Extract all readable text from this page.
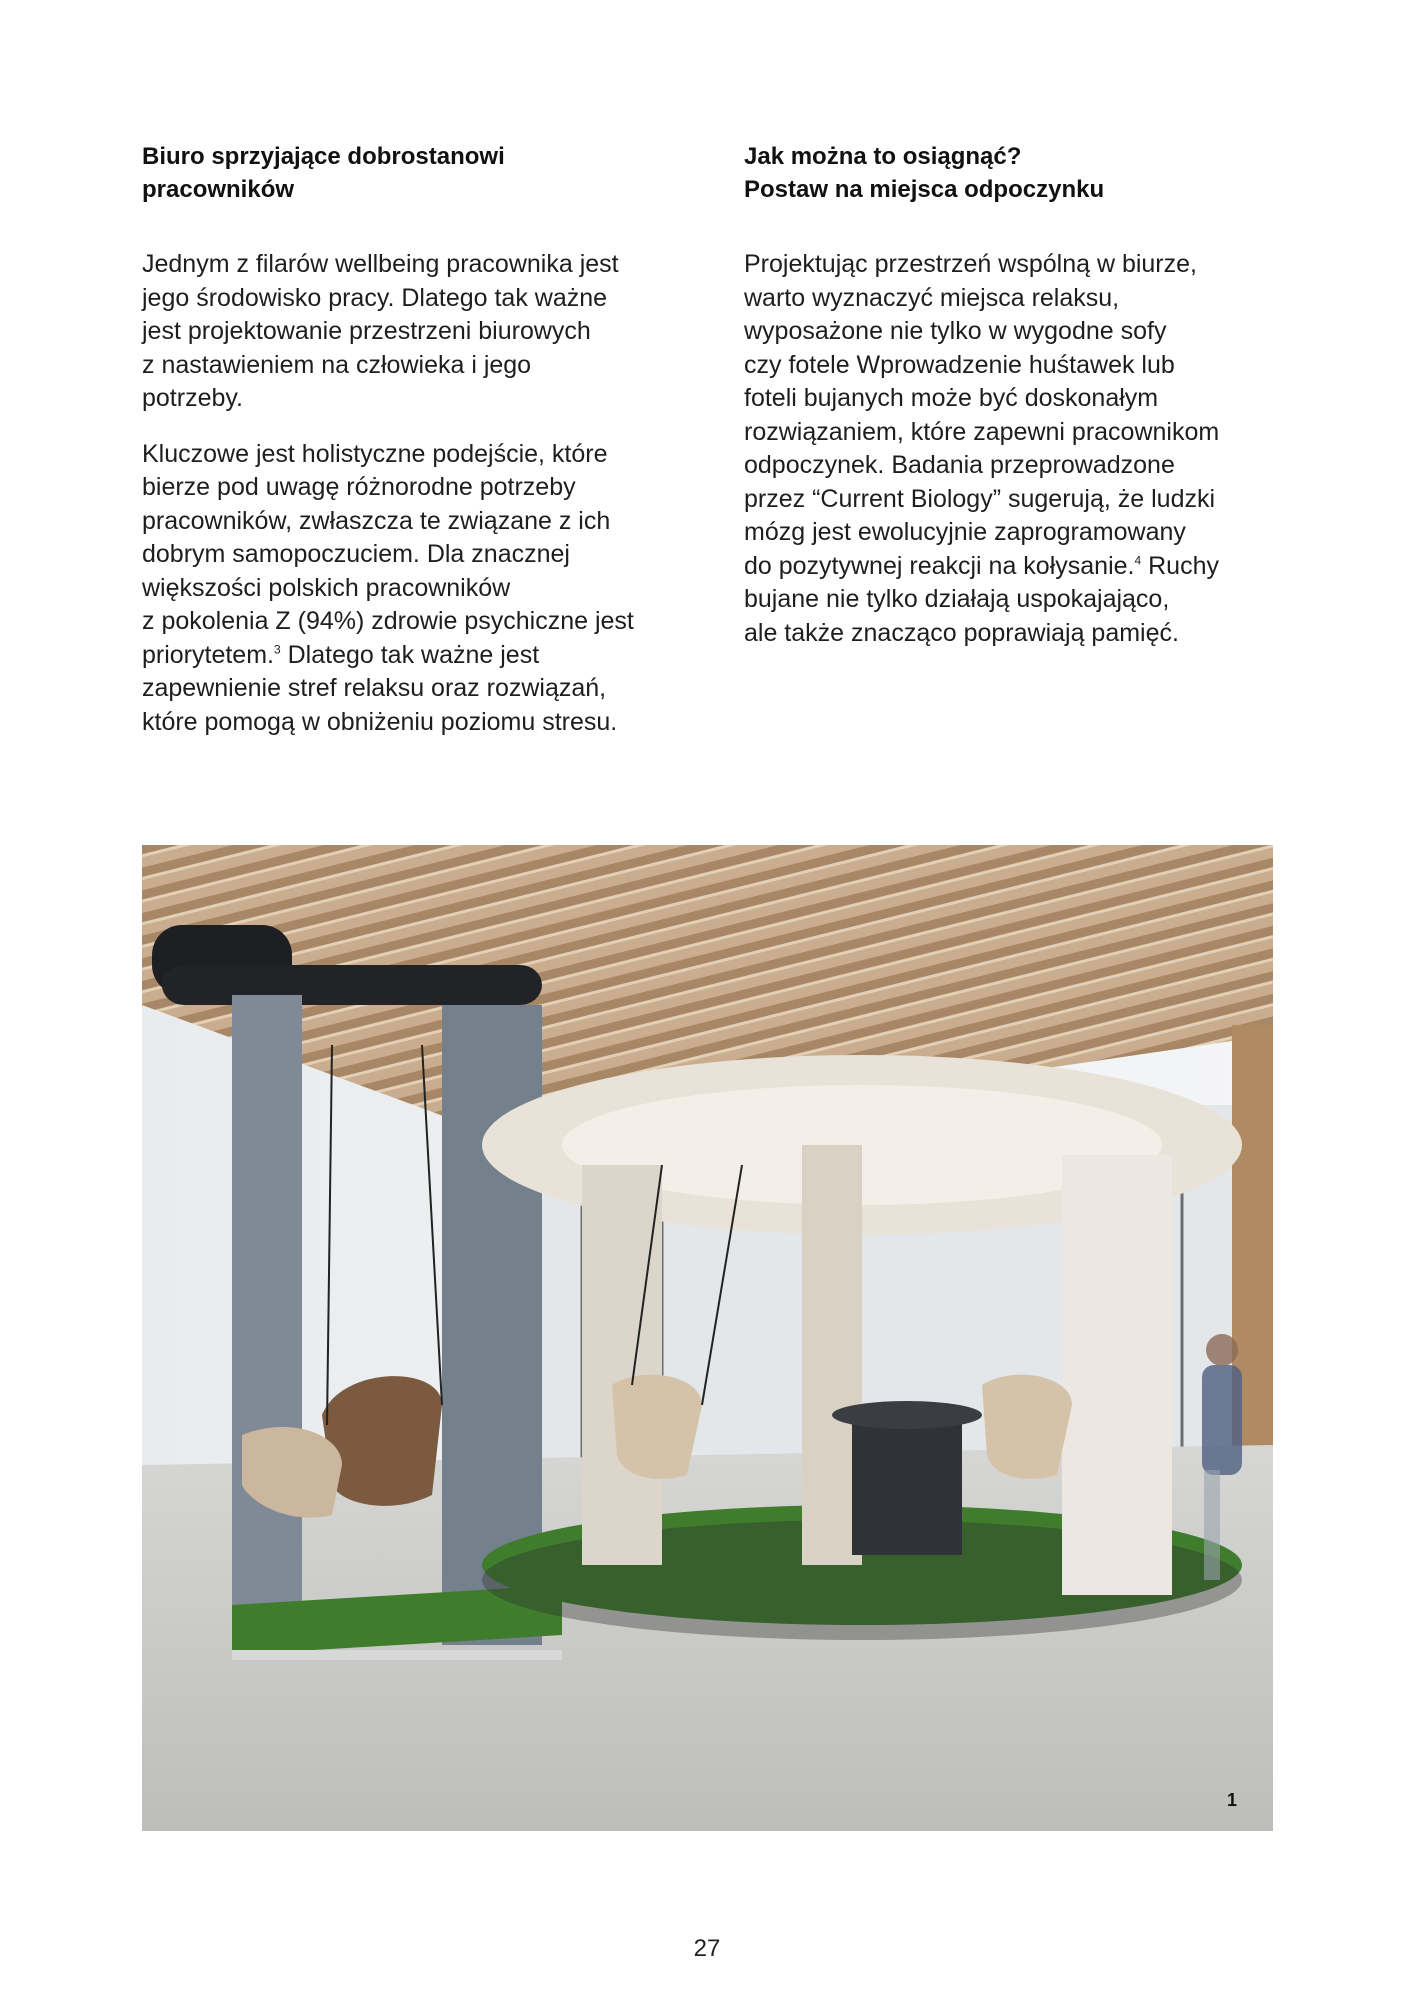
Biuro sprzyjające dobrostanowi
pracowników

Jednym z filarów wellbeing pracownika jest
jego środowisko pracy. Dlatego tak ważne
jest projektowanie przestrzeni biurowych
z nastawieniem na człowieka i jego
potrzeby.

Kluczowe jest holistyczne podejście, które
bierze pod uwagę różnorodne potrzeby
pracowników, zwłaszcza te związane z ich
dobrym samopoczuciem. Dla znacznej
większości polskich pracowników
z pokolenia Z (94%) zdrowie psychiczne jest
priorytetem.$^3$ Dlatego tak ważne jest
zapewnienie stref relaksu oraz rozwiązań,
które pomogą w obniżeniu poziomu stresu.

Jak można to osiągnąć?
Postaw na miejsca odpoczynku

Projektując przestrzeń wspólną w biurze,
warto wyznaczyć miejsca relaksu,
wyposażone nie tylko w wygodne sofy
czy fotele Wprowadzenie huśtawek lub
foteli bujanych może być doskonałym
rozwiązaniem, które zapewni pracownikom
odpoczynek. Badania przeprowadzone
przez “Current Biology” sugerują, że ludzki
mózg jest ewolucyjnie zaprogramowany
do pozytywnej reakcji na kołysanie.$^4$ Ruchy
bujane nie tylko działają uspokajająco,
ale także znacząco poprawiają pamięć.

1
27
